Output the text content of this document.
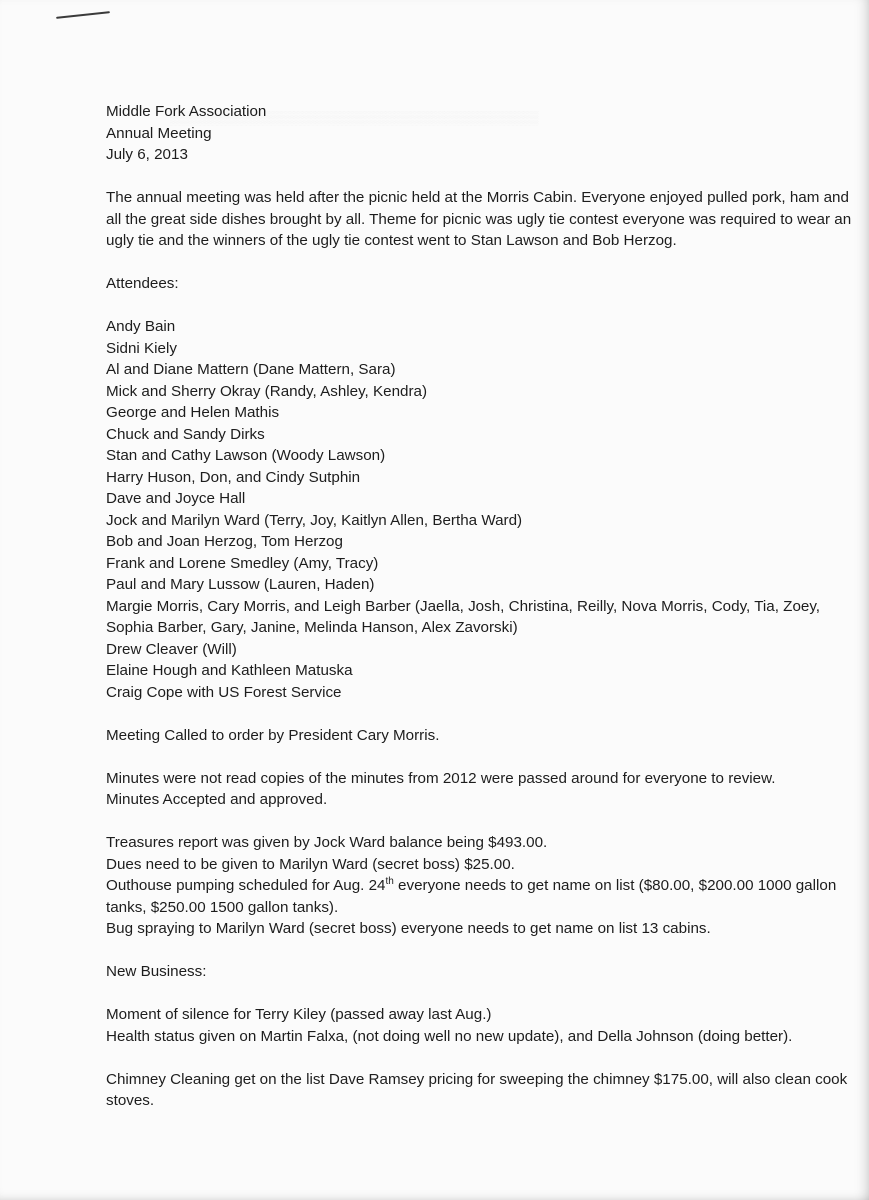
Middle Fork Association

Annual Meeting

July 6, 2013

The annual meeting was held after the picnic held at the Morris Cabin. Everyone enjoyed pulled pork, ham and all the great side dishes brought by all. Theme for picnic was ugly tie contest everyone was required to wear an ugly tie and the winners of the ugly tie contest went to Stan Lawson and Bob Herzog.

Attendees:

Andy Bain

Sidni Kiely

Al and Diane Mattern (Dane Mattern, Sara)

Mick and Sherry Okray (Randy, Ashley, Kendra)

George and Helen Mathis

Chuck and Sandy Dirks

Stan and Cathy Lawson (Woody Lawson)

Harry Huson, Don, and Cindy Sutphin

Dave and Joyce Hall

Jock and Marilyn Ward (Terry, Joy, Kaitlyn Allen, Bertha Ward)

Bob and Joan Herzog, Tom Herzog

Frank and Lorene Smedley (Amy, Tracy)

Paul and Mary Lussow (Lauren, Haden)

Margie Morris, Cary Morris, and Leigh Barber (Jaella, Josh, Christina, Reilly, Nova Morris, Cody, Tia, Zoey, Sophia Barber, Gary, Janine, Melinda Hanson, Alex Zavorski)

Drew Cleaver (Will)

Elaine Hough and Kathleen Matuska

Craig Cope with US Forest Service

Meeting Called to order by President Cary Morris.

Minutes were not read copies of the minutes from 2012 were passed around for everyone to review.

Minutes Accepted and approved.

Treasures report was given by Jock Ward balance being $493.00.

Dues need to be given to Marilyn Ward (secret boss) $25.00.

Outhouse pumping scheduled for Aug. 24th everyone needs to get name on list ($80.00, $200.00 1000 gallon tanks, $250.00 1500 gallon tanks).

Bug spraying to Marilyn Ward (secret boss) everyone needs to get name on list 13 cabins.

New Business:

Moment of silence for Terry Kiley (passed away last Aug.)

Health status given on Martin Falxa, (not doing well no new update), and Della Johnson (doing better).

Chimney Cleaning get on the list Dave Ramsey pricing for sweeping the chimney $175.00, will also clean cook stoves.
